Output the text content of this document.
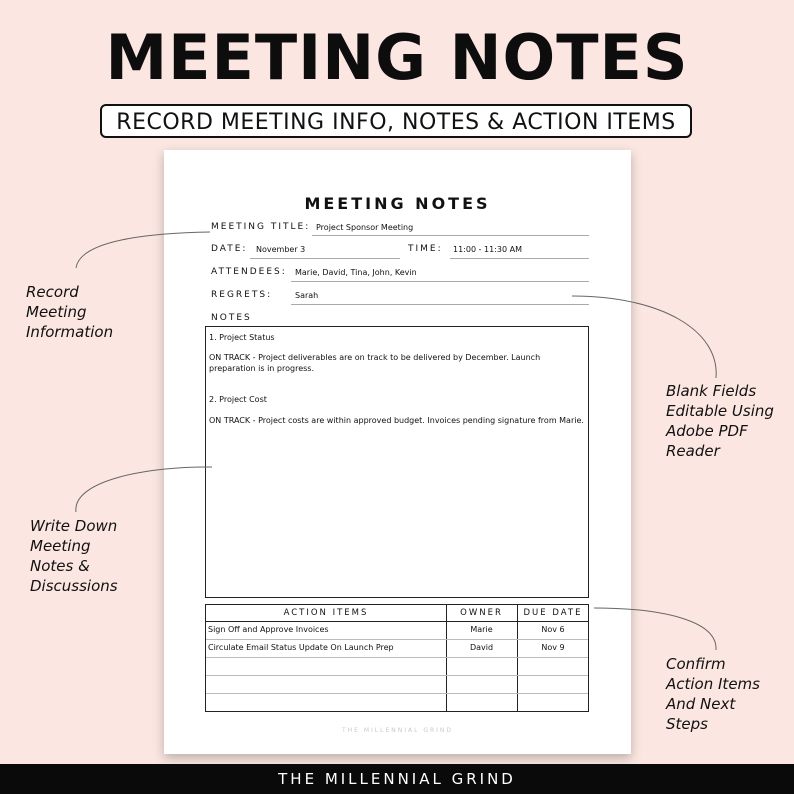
MEETING NOTES
RECORD MEETING INFO, NOTES & ACTION ITEMS
MEETING NOTES
MEETING TITLE: Project Sponsor Meeting
DATE: November 3	TIME: 11:00 - 11:30 AM
ATTENDEES: Marie, David, Tina, John, Kevin
REGRETS:	Sarah
NOTES
1. Project Status
ON TRACK - Project deliverables are on track to be delivered by December. Launch preparation is in progress.
2. Project Cost
ON TRACK - Project costs are within approved budget. Invoices pending signature from Marie.
ACTION ITEMS	OWNER	DUE DATE
Sign Off and Approve Invoices	Marie	Nov 6
Circulate Email Status Update On Launch Prep	David	Nov 9
THE MILLENNIAL GRIND
Record
Meeting
Information
Write Down
Meeting
Notes &
Discussions
Blank Fields
Editable Using
Adobe PDF
Reader
Confirm
Action Items
And Next
Steps
THE MILLENNIAL GRIND
